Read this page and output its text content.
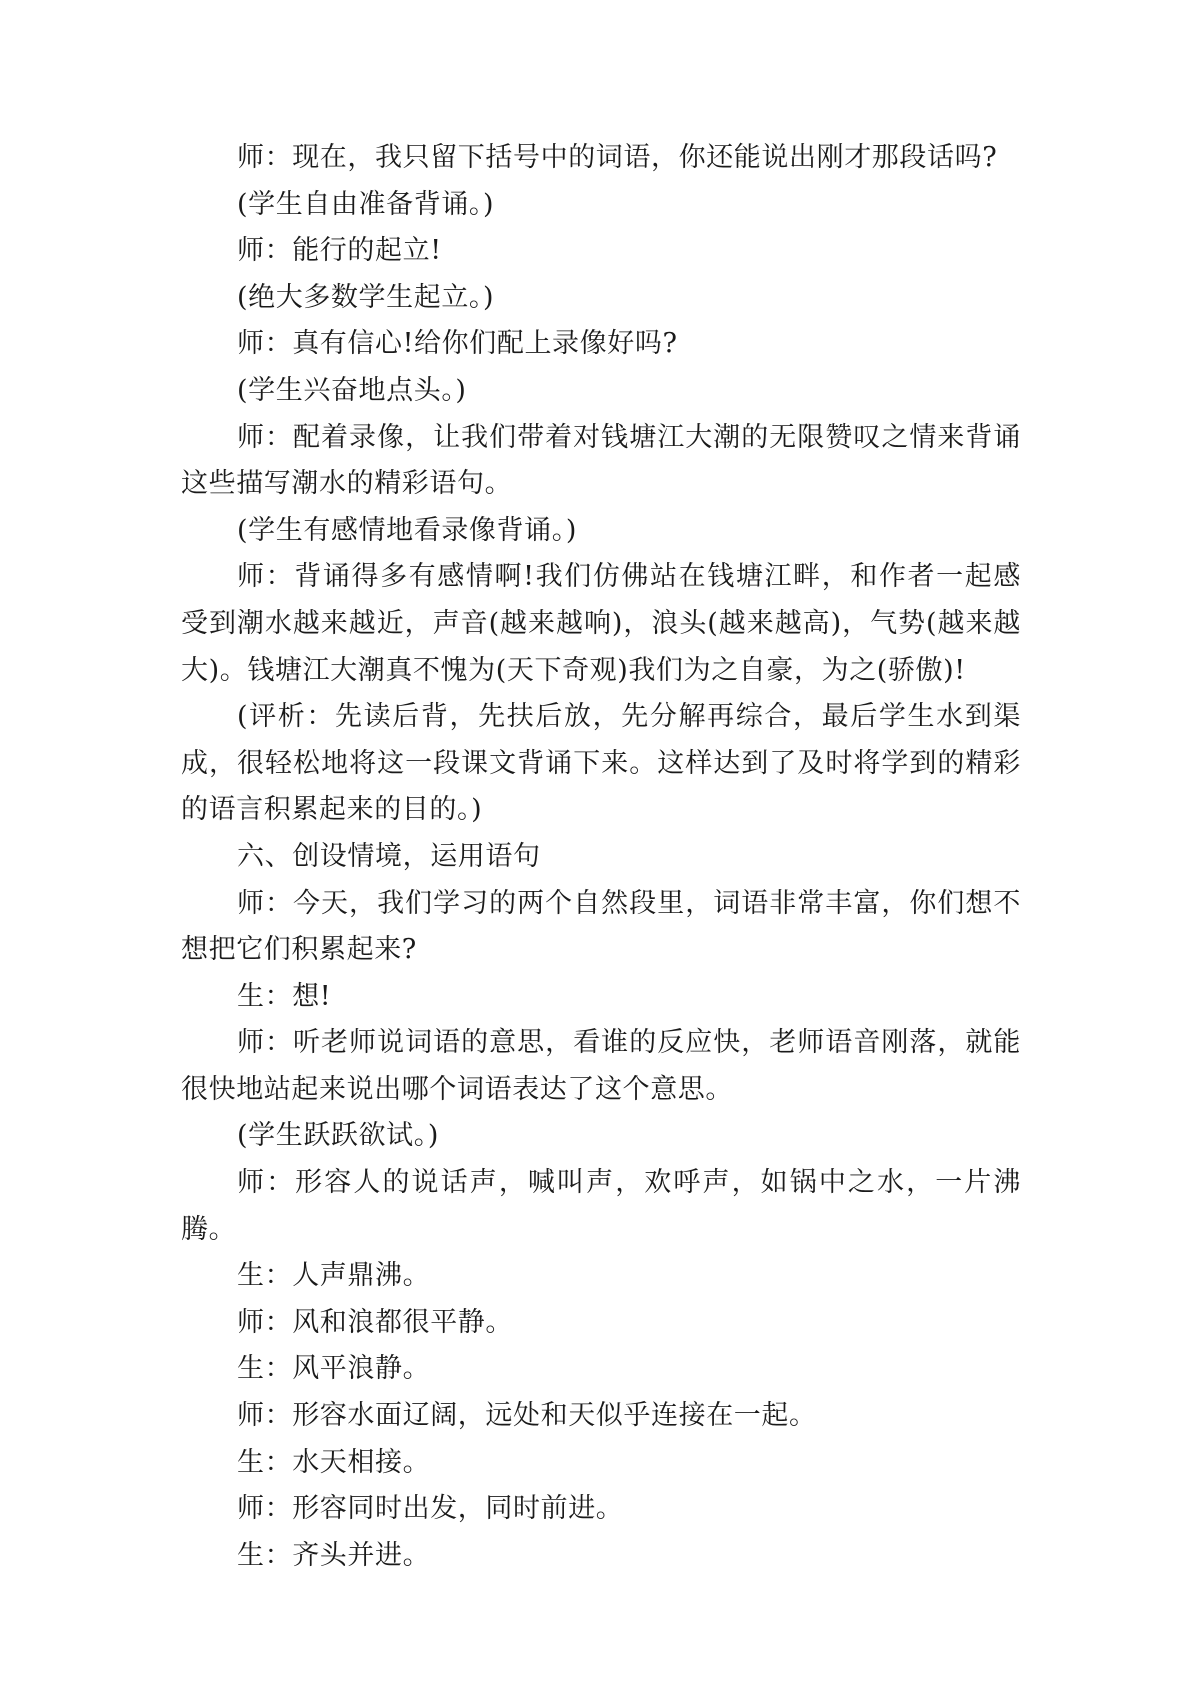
师：现在，我只留下括号中的词语，你还能说出刚才那段话吗?

(学生自由准备背诵。)

师：能行的起立!

(绝大多数学生起立。)

师：真有信心!给你们配上录像好吗?

(学生兴奋地点头。)

师：配着录像，让我们带着对钱塘江大潮的无限赞叹之情来背诵这些描写潮水的精彩语句。

(学生有感情地看录像背诵。)

师：背诵得多有感情啊!我们仿佛站在钱塘江畔，和作者一起感受到潮水越来越近，声音(越来越响)，浪头(越来越高)，气势(越来越大)。钱塘江大潮真不愧为(天下奇观)我们为之自豪，为之(骄傲)!

(评析：先读后背，先扶后放，先分解再综合，最后学生水到渠成，很轻松地将这一段课文背诵下来。这样达到了及时将学到的精彩的语言积累起来的目的。)

六、创设情境，运用语句

师：今天，我们学习的两个自然段里，词语非常丰富，你们想不想把它们积累起来?

生：想!

师：听老师说词语的意思，看谁的反应快，老师语音刚落，就能很快地站起来说出哪个词语表达了这个意思。

(学生跃跃欲试。)

师：形容人的说话声，喊叫声，欢呼声，如锅中之水，一片沸腾。

生：人声鼎沸。

师：风和浪都很平静。

生：风平浪静。

师：形容水面辽阔，远处和天似乎连接在一起。

生：水天相接。

师：形容同时出发，同时前进。

生：齐头并进。
